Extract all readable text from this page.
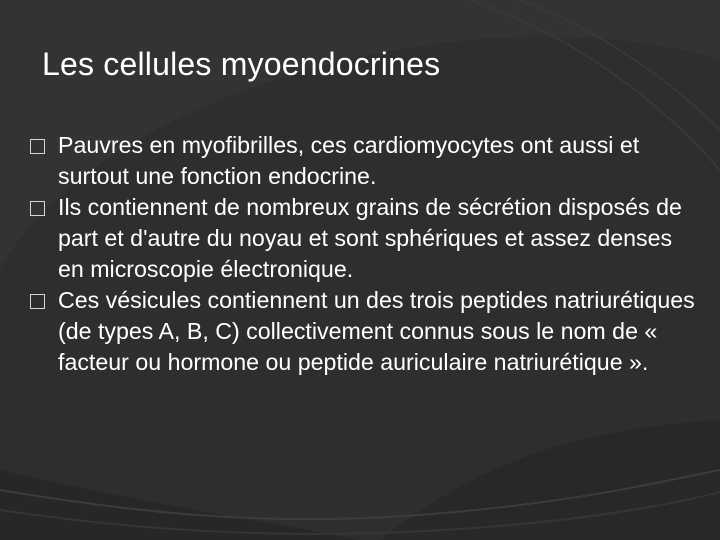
Les cellules myoendocrines
Pauvres en myofibrilles, ces cardiomyocytes ont aussi et surtout une fonction endocrine.
Ils contiennent de nombreux grains de sécrétion disposés de part et d'autre du noyau et sont sphériques et assez denses en microscopie électronique.
Ces vésicules contiennent un des trois peptides natriurétiques (de types A, B, C) collectivement connus sous le nom de « facteur ou hormone ou peptide auriculaire natriurétique ».
